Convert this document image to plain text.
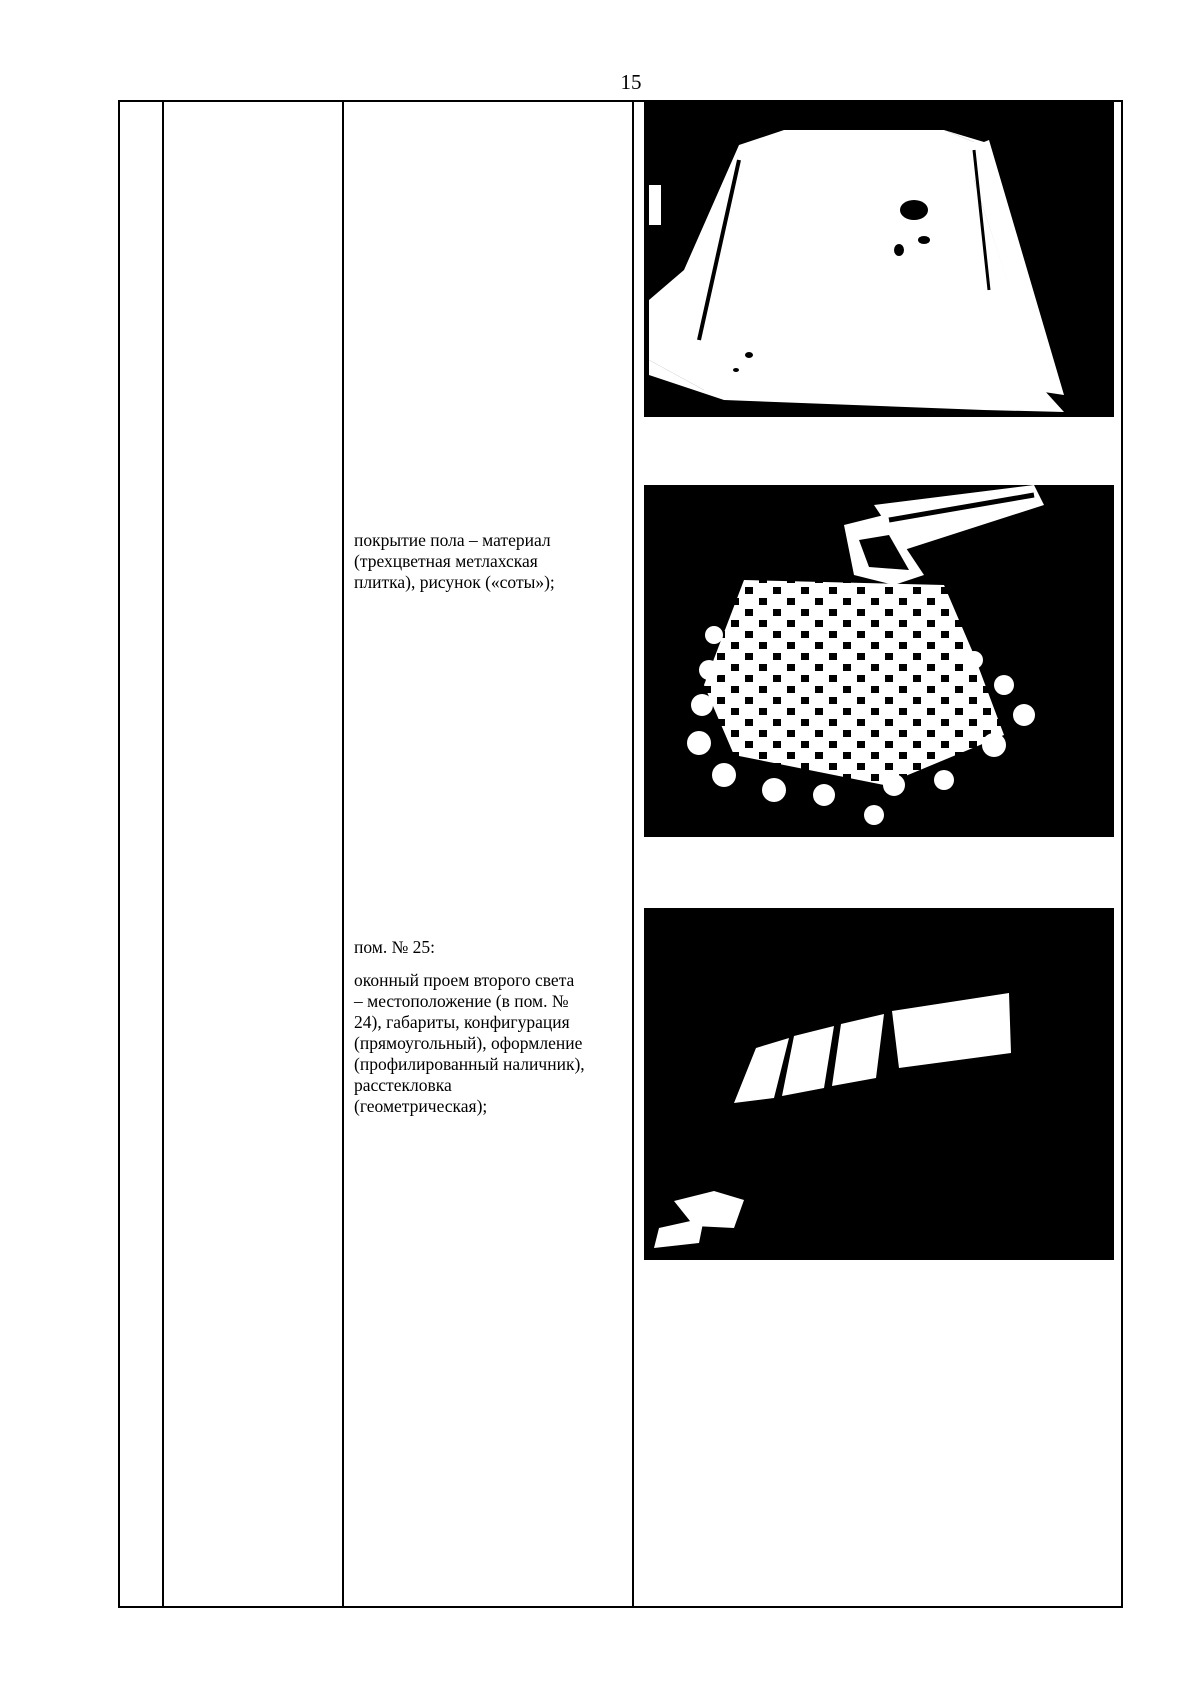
15

покрытие пола – материал

(трехцветная метлахская

плитка), рисунок («соты»);

пом. № 25:

оконный проем второго света

– местоположение (в пом. №

24), габариты, конфигурация

(прямоугольный), оформление

(профилированный наличник),

расстекловка

(геометрическая);
